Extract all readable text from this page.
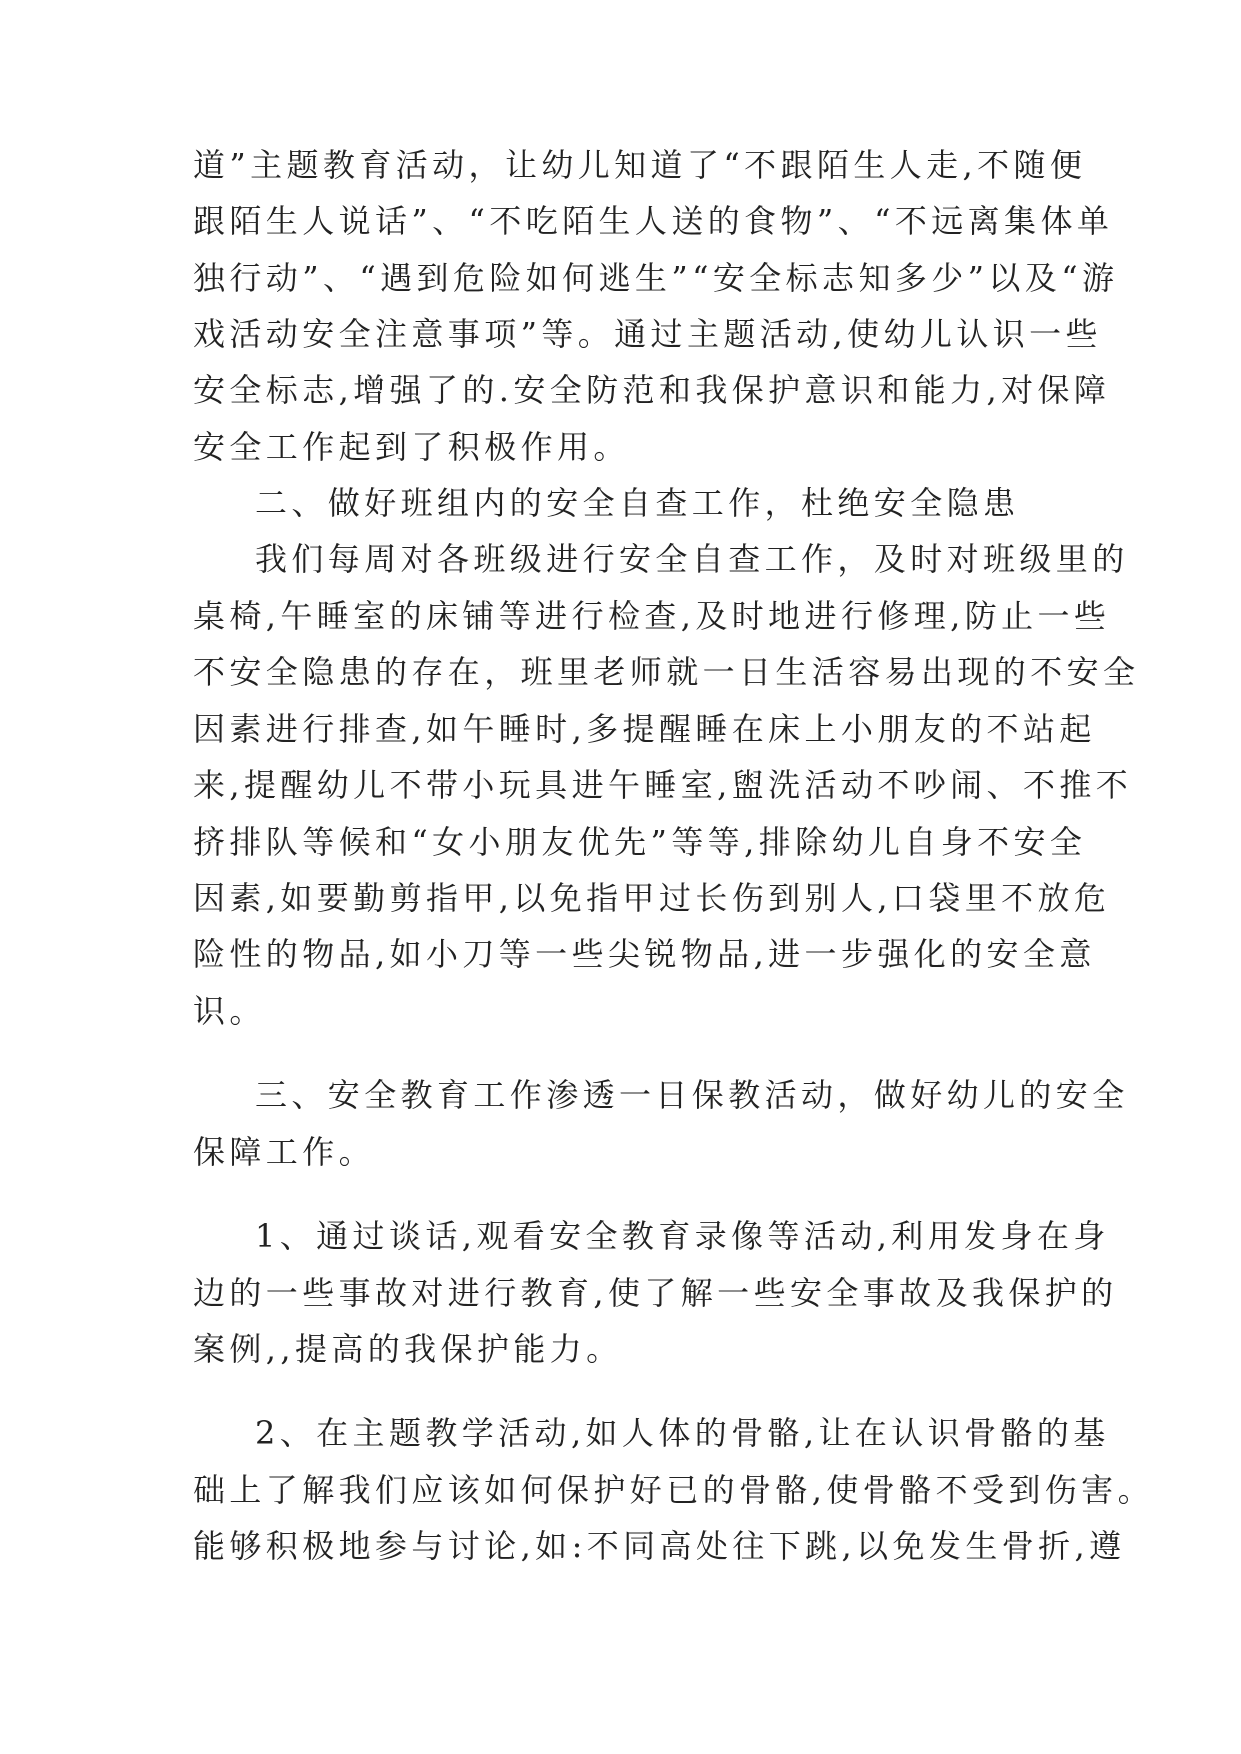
道”主题教育活动，让幼儿知道了“不跟陌生人走,不随便
跟陌生人说话”、“不吃陌生人送的食物”、“不远离集体单
独行动”、“遇到危险如何逃生”“安全标志知多少”以及“游
戏活动安全注意事项”等。通过主题活动,使幼儿认识一些
安全标志,增强了的.安全防范和我保护意识和能力,对保障
安全工作起到了积极作用。
二、做好班组内的安全自查工作，杜绝安全隐患
我们每周对各班级进行安全自查工作，及时对班级里的
桌椅,午睡室的床铺等进行检查,及时地进行修理,防止一些
不安全隐患的存在，班里老师就一日生活容易出现的不安全
因素进行排查,如午睡时,多提醒睡在床上小朋友的不站起
来,提醒幼儿不带小玩具进午睡室,盥洗活动不吵闹、不推不
挤排队等候和“女小朋友优先”等等,排除幼儿自身不安全
因素,如要勤剪指甲,以免指甲过长伤到别人,口袋里不放危
险性的物品,如小刀等一些尖锐物品,进一步强化的安全意
识。
三、安全教育工作渗透一日保教活动，做好幼儿的安全
保障工作。
1、通过谈话,观看安全教育录像等活动,利用发身在身
边的一些事故对进行教育,使了解一些安全事故及我保护的
案例,,提高的我保护能力。
2、在主题教学活动,如人体的骨骼,让在认识骨骼的基
础上了解我们应该如何保护好已的骨骼,使骨骼不受到伤害。
能够积极地参与讨论,如:不同高处往下跳,以免发生骨折,遵
